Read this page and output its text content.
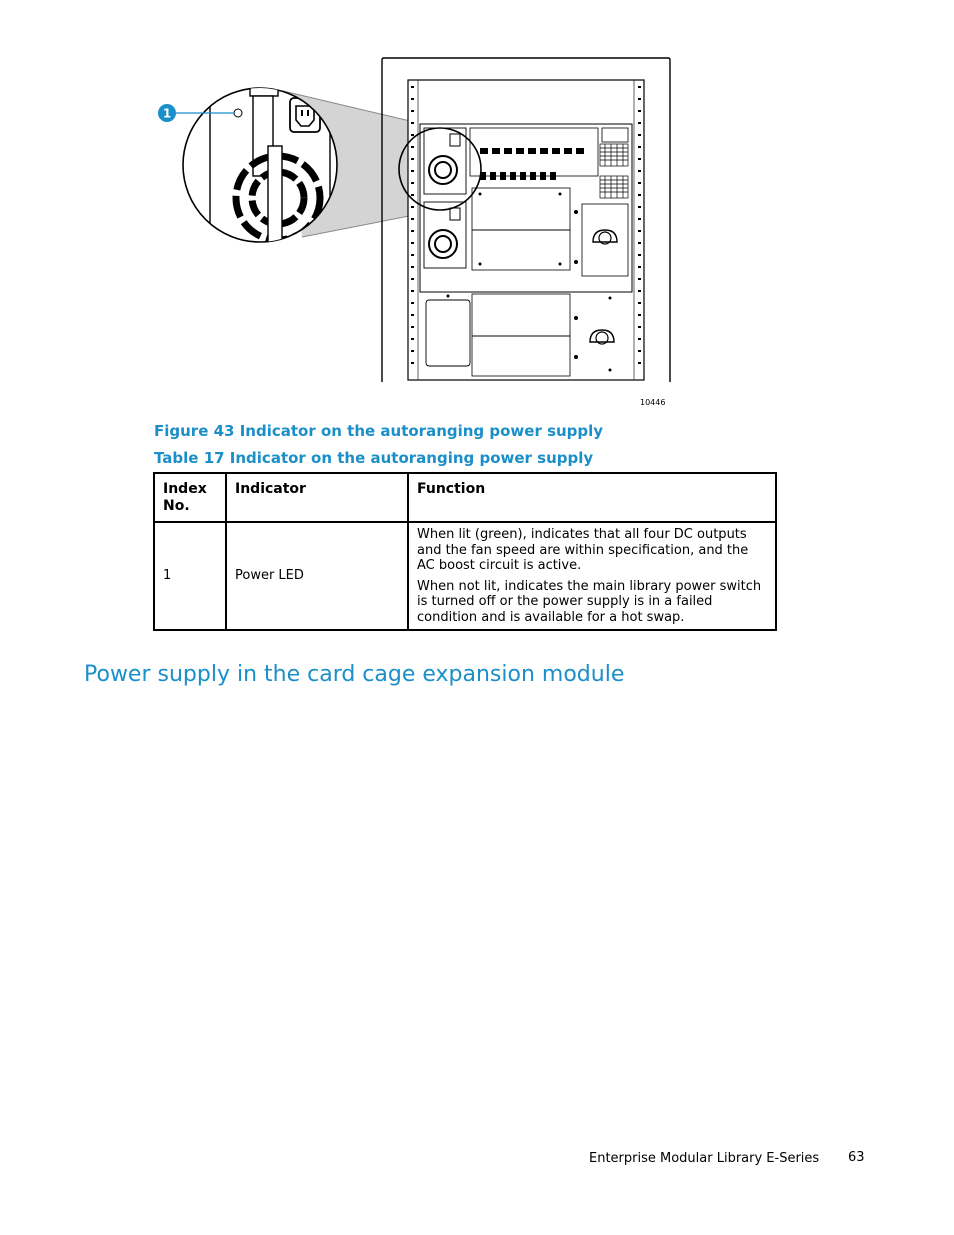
1
10446
Figure 43 Indicator on the autoranging power supply
Table 17 Indicator on the autoranging power supply
Index No.	Indicator	Function
1	Power LED	When lit (green), indicates that all four DC outputs and the fan speed are within specification, and the AC boost circuit is active.

When not lit, indicates the main library power switch is turned off or the power supply is in a failed condition and is available for a hot swap.

Power supply in the card cage expansion module
Enterprise Modular Library E-Series 63
